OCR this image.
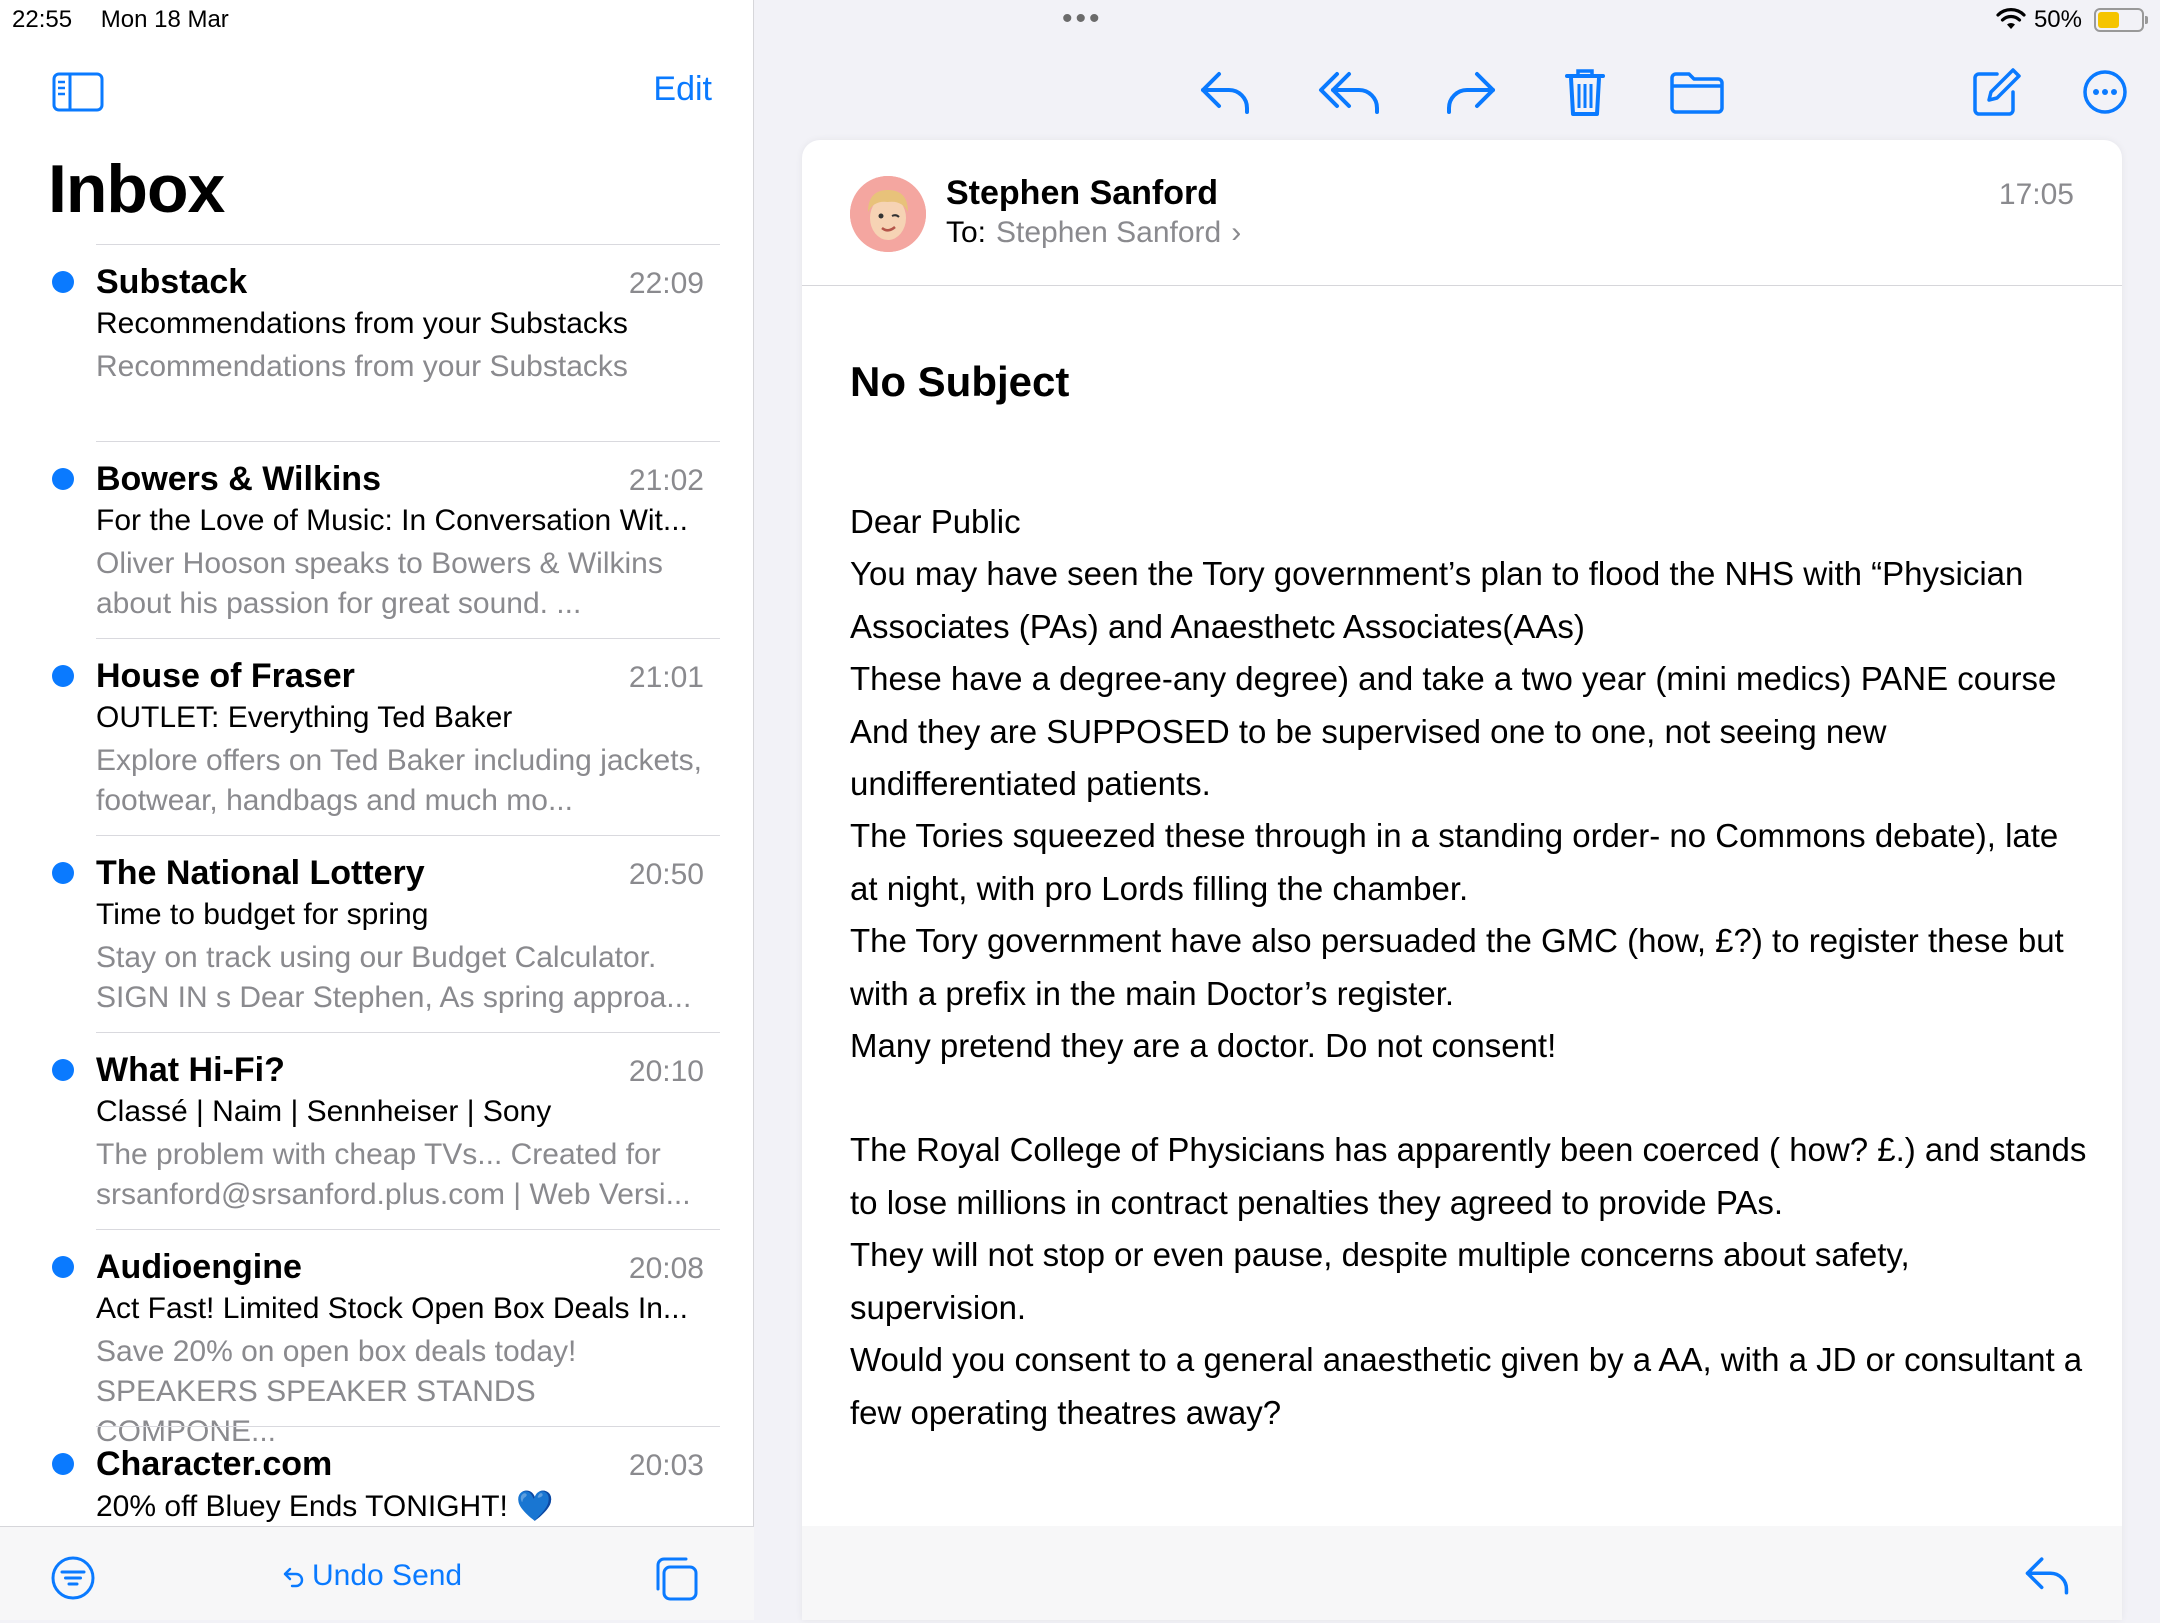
22:55 Mon 18 Mar	50%
•••
Edit
Inbox
Substack	22:09
Recommendations from your Substacks
Recommendations from your Substacks
Bowers & Wilkins	21:02
For the Love of Music: In Conversation Wit...
Oliver Hooson speaks to Bowers & Wilkins about his passion for great sound. ...
House of Fraser	21:01
OUTLET: Everything Ted Baker
Explore offers on Ted Baker including jackets, footwear, handbags and much mo...
The National Lottery	20:50
Time to budget for spring
Stay on track using our Budget Calculator. SIGN IN s Dear Stephen, As spring approa...
What Hi-Fi?	20:10
Classé | Naim | Sennheiser | Sony
The problem with cheap TVs... Created for srsanford@srsanford.plus.com | Web Versi...
Audioengine	20:08
Act Fast! Limited Stock Open Box Deals In...
Save 20% on open box deals today! SPEAKERS SPEAKER STANDS COMPONE...
Character.com	20:03
20% off Bluey Ends TONIGHT! 💙
Undo Send
Stephen Sanford
To: Stephen Sanford ›
17:05
No Subject
Dear Public
You may have seen the Tory government’s plan to flood the NHS with “Physician Associates (PAs) and Anaesthetc Associates(AAs)
These have a degree-any degree) and take a two year (mini medics) PANE course
And they are SUPPOSED to be supervised one to one, not seeing new undifferentiated patients.
The Tories squeezed these through in a standing order- no Commons debate), late at night, with pro Lords filling the chamber.
The Tory government have also persuaded the GMC (how, £?) to register these but with a prefix in the main Doctor’s register.
Many pretend they are a doctor. Do not consent!
The Royal College of Physicians has apparently been coerced ( how? £.) and stands to lose millions in contract penalties they agreed to provide PAs.
They will not stop or even pause, despite multiple concerns about safety, supervision.
Would you consent to a general anaesthetic given by a AA, with a JD or consultant a few operating theatres away?
